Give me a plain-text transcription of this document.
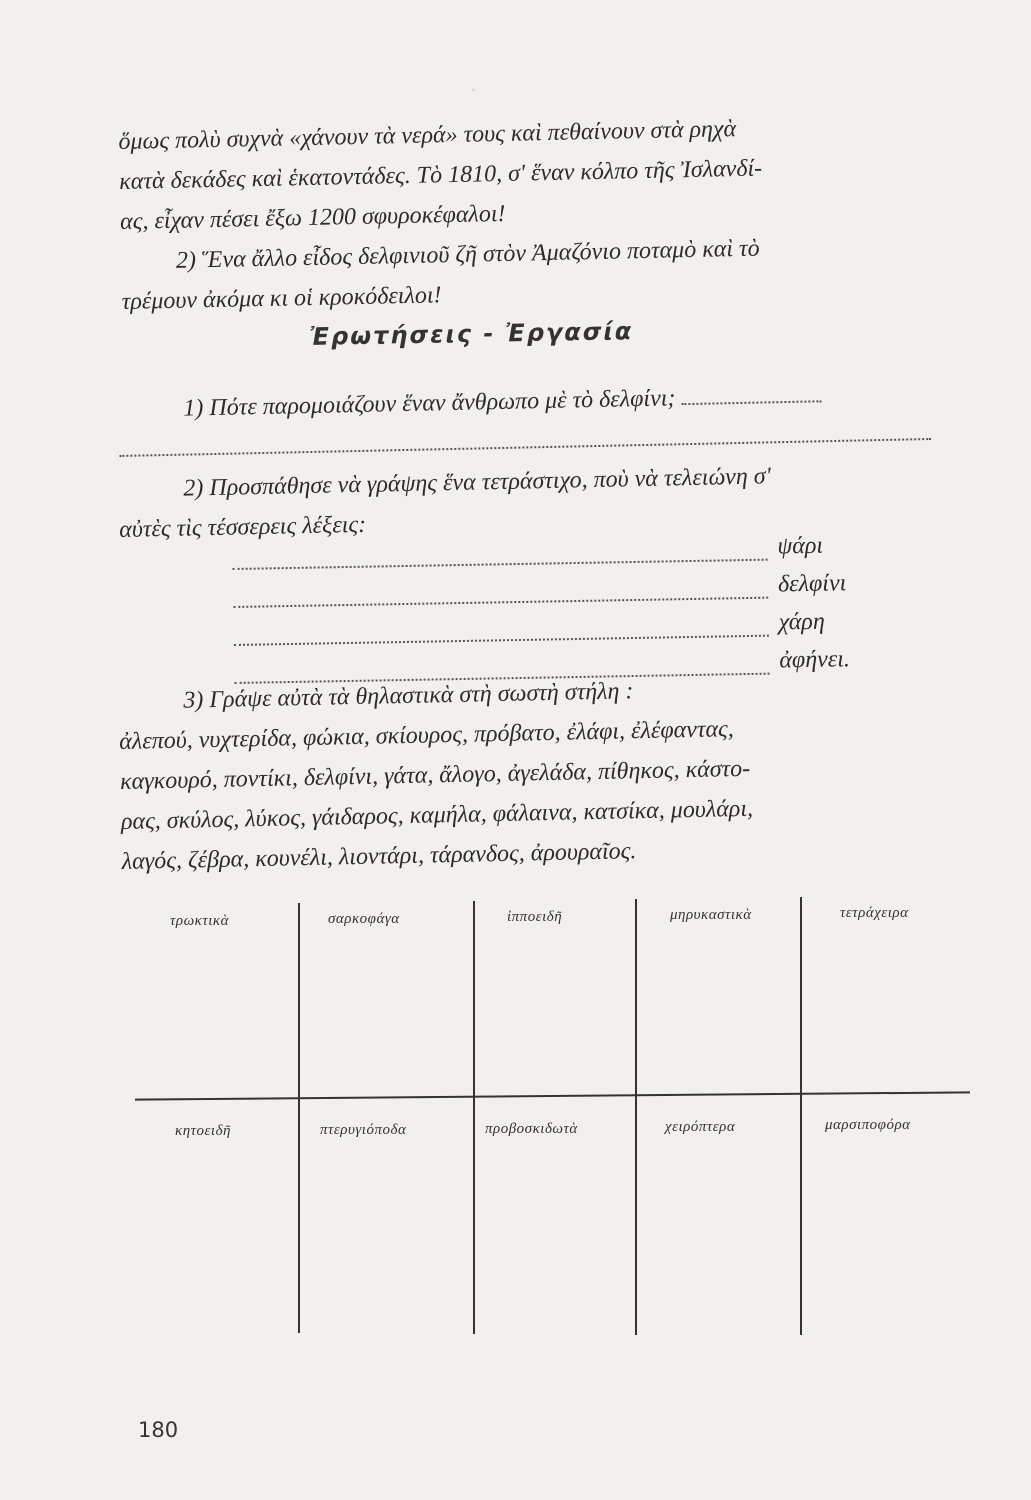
·
ὅμως πολὺ συχνὰ «χάνουν τὰ νερά» τους καὶ πεθαίνουν στὰ ρηχὰ
κατὰ δεκάδες καὶ ἑκατοντάδες. Τὸ 1810, σ' ἕναν κόλπο τῆς Ἰσλανδί-
ας, εἶχαν πέσει ἔξω 1200 σφυροκέφαλοι!
2) Ἕνα ἄλλο εἶδος δελφινιοῦ ζῆ στὸν Ἀμαζόνιο ποταμὸ καὶ τὸ
τρέμουν ἀκόμα κι οἱ κροκόδειλοι!
Ἐρωτήσεις - Ἐργασία
1) Πότε παρομοιάζουν ἕναν ἄνθρωπο μὲ τὸ δελφίνι;
2) Προσπάθησε νὰ γράψης ἕνα τετράστιχο, ποὺ νὰ τελειώνη σ'
αὐτὲς τὶς τέσσερεις λέξεις:
ψάρι
δελφίνι
χάρη
ἀφήνει.
3) Γράψε αὐτὰ τὰ θηλαστικὰ στὴ σωστὴ στήλη :
ἀλεπού, νυχτερίδα, φώκια, σκίουρος, πρόβατο, ἐλάφι, ἐλέφαντας,
καγκουρό, ποντίκι, δελφίνι, γάτα, ἄλογο, ἀγελάδα, πίθηκος, κάστο-
ρας, σκύλος, λύκος, γάιδαρος, καμήλα, φάλαινα, κατσίκα, μουλάρι,
λαγός, ζέβρα, κουνέλι, λιοντάρι, τάρανδος, ἀρουραῖος.
τρωκτικὰ	σαρκοφάγα	ἱπποειδῆ	μηρυκαστικὰ	τετράχειρα
κητοειδῆ	πτερυγιόποδα	προβοσκιδωτὰ	χειρόπτερα	μαρσιποφόρα
180
